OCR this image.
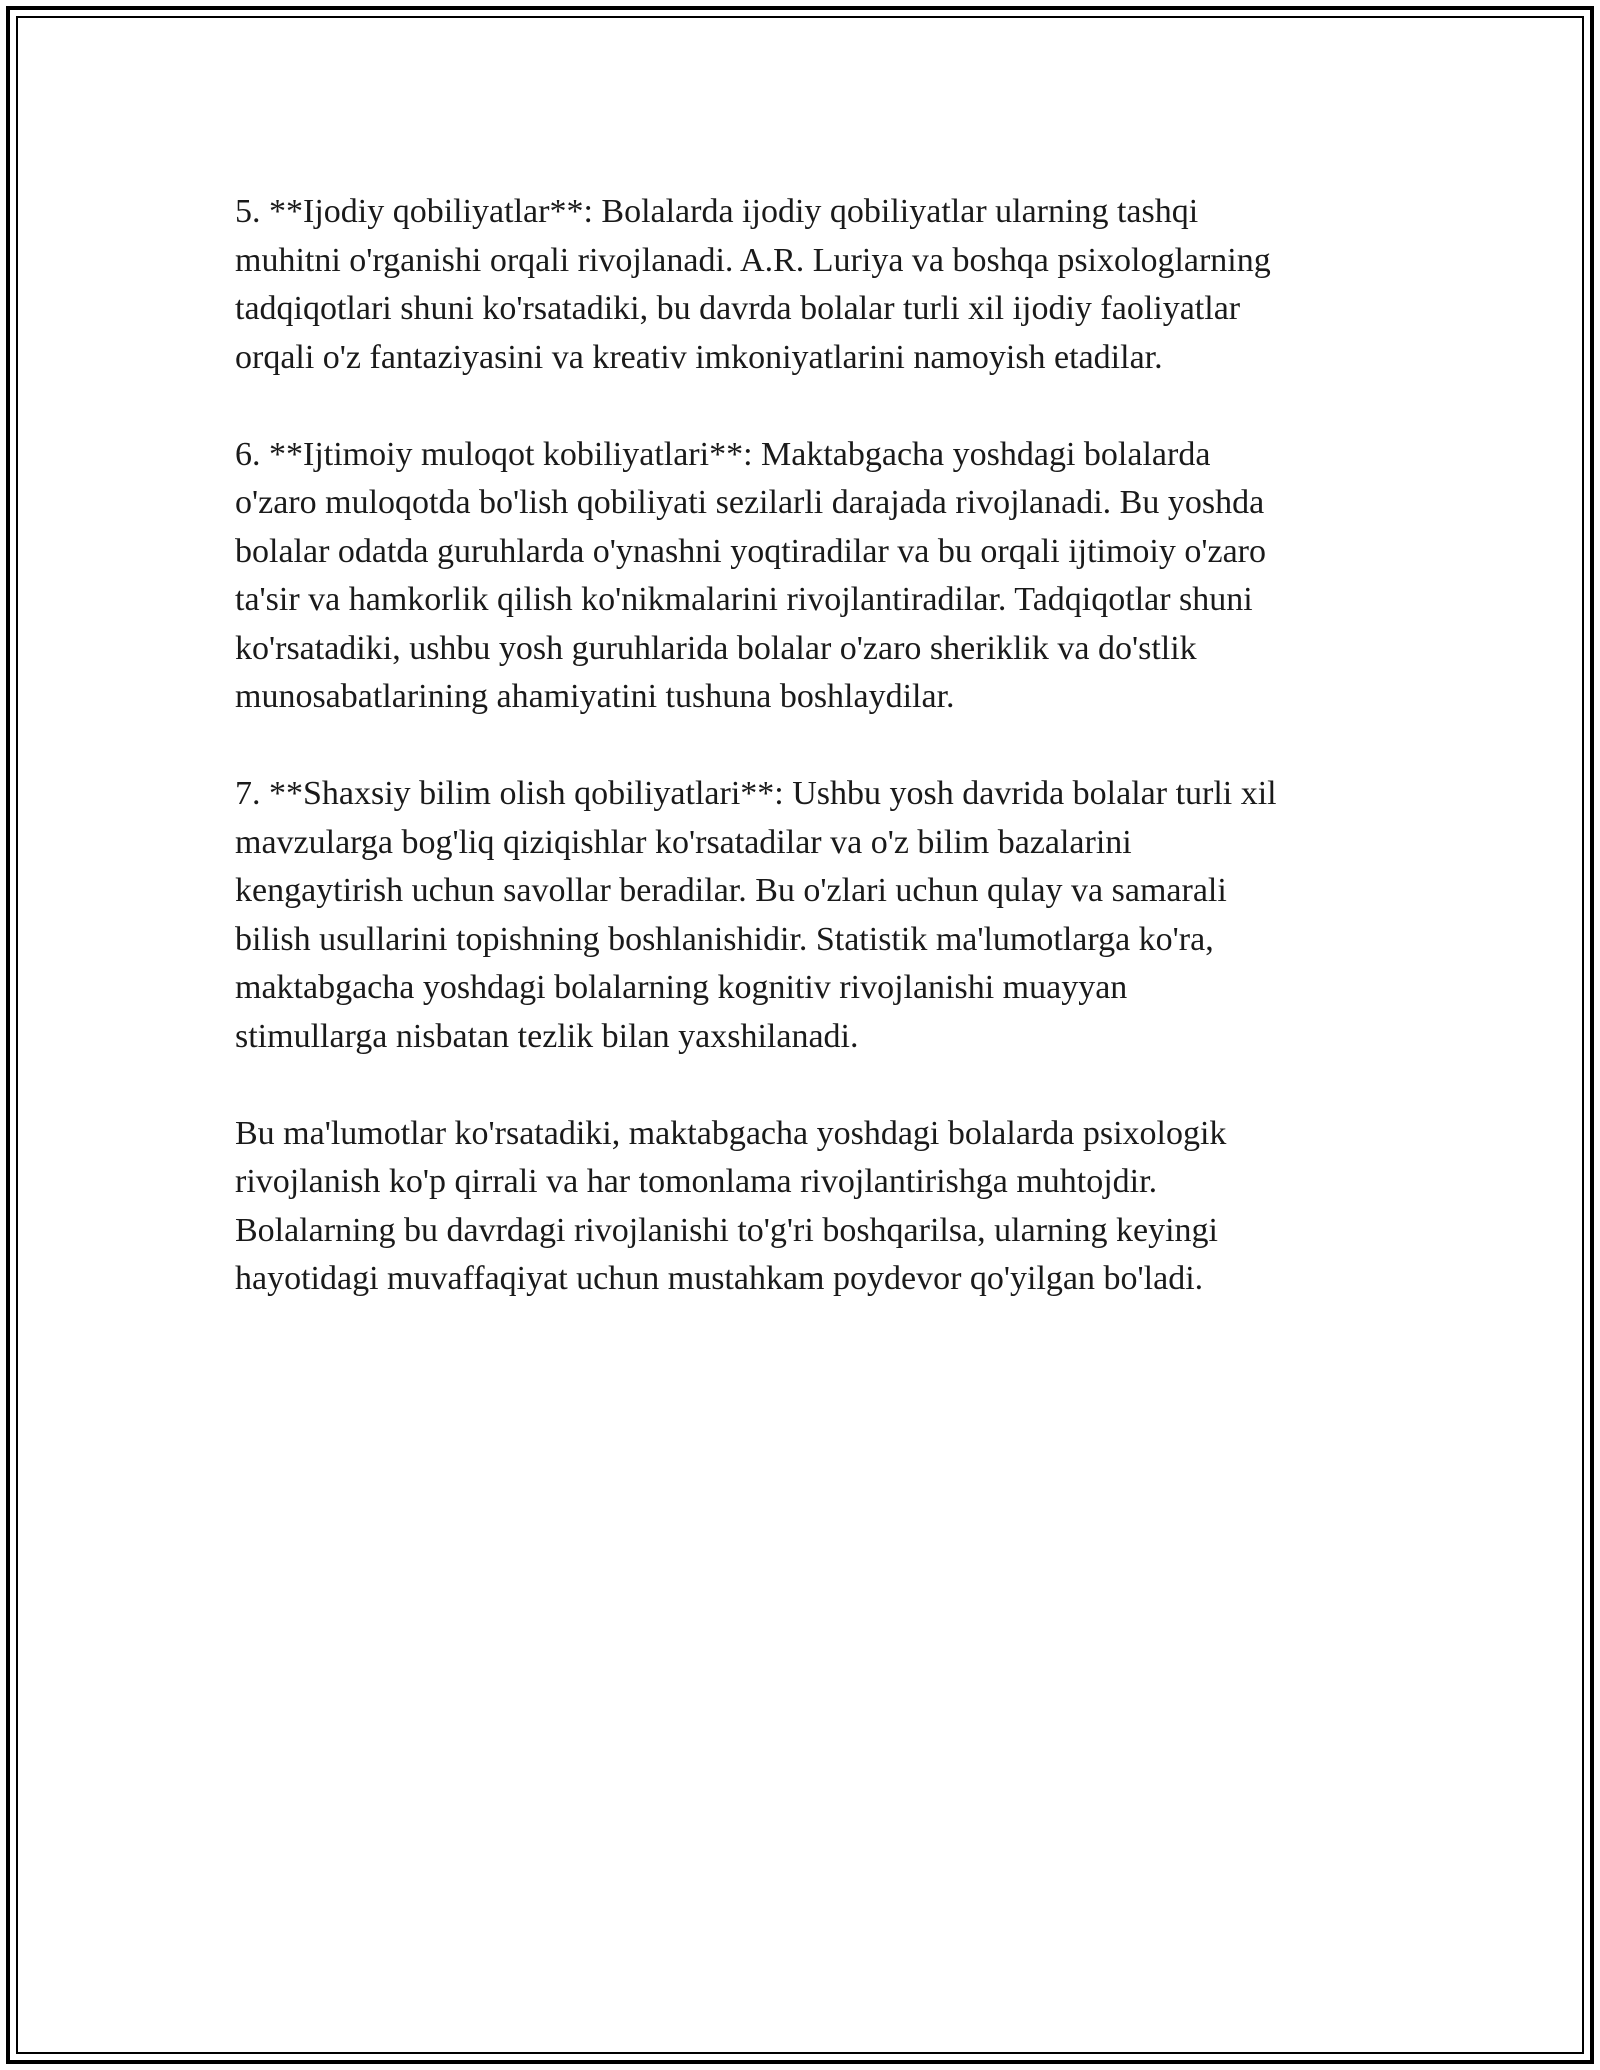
5. **Ijodiy qobiliyatlar**: Bolalarda ijodiy qobiliyatlar ularning tashqi
muhitni o'rganishi orqali rivojlanadi. A.R. Luriya va boshqa psixologlarning
tadqiqotlari shuni ko'rsatadiki, bu davrda bolalar turli xil ijodiy faoliyatlar
orqali o'z fantaziyasini va kreativ imkoniyatlarini namoyish etadilar.

6. **Ijtimoiy muloqot kobiliyatlari**: Maktabgacha yoshdagi bolalarda
o'zaro muloqotda bo'lish qobiliyati sezilarli darajada rivojlanadi. Bu yoshda
bolalar odatda guruhlarda o'ynashni yoqtiradilar va bu orqali ijtimoiy o'zaro
ta'sir va hamkorlik qilish ko'nikmalarini rivojlantiradilar. Tadqiqotlar shuni
ko'rsatadiki, ushbu yosh guruhlarida bolalar o'zaro sheriklik va do'stlik
munosabatlarining ahamiyatini tushuna boshlaydilar.

7. **Shaxsiy bilim olish qobiliyatlari**: Ushbu yosh davrida bolalar turli xil
mavzularga bog'liq qiziqishlar ko'rsatadilar va o'z bilim bazalarini
kengaytirish uchun savollar beradilar. Bu o'zlari uchun qulay va samarali
bilish usullarini topishning boshlanishidir. Statistik ma'lumotlarga ko'ra,
maktabgacha yoshdagi bolalarning kognitiv rivojlanishi muayyan
stimullarga nisbatan tezlik bilan yaxshilanadi.

Bu ma'lumotlar ko'rsatadiki, maktabgacha yoshdagi bolalarda psixologik
rivojlanish ko'p qirrali va har tomonlama rivojlantirishga muhtojdir.
Bolalarning bu davrdagi rivojlanishi to'g'ri boshqarilsa, ularning keyingi
hayotidagi muvaffaqiyat uchun mustahkam poydevor qo'yilgan bo'ladi.
